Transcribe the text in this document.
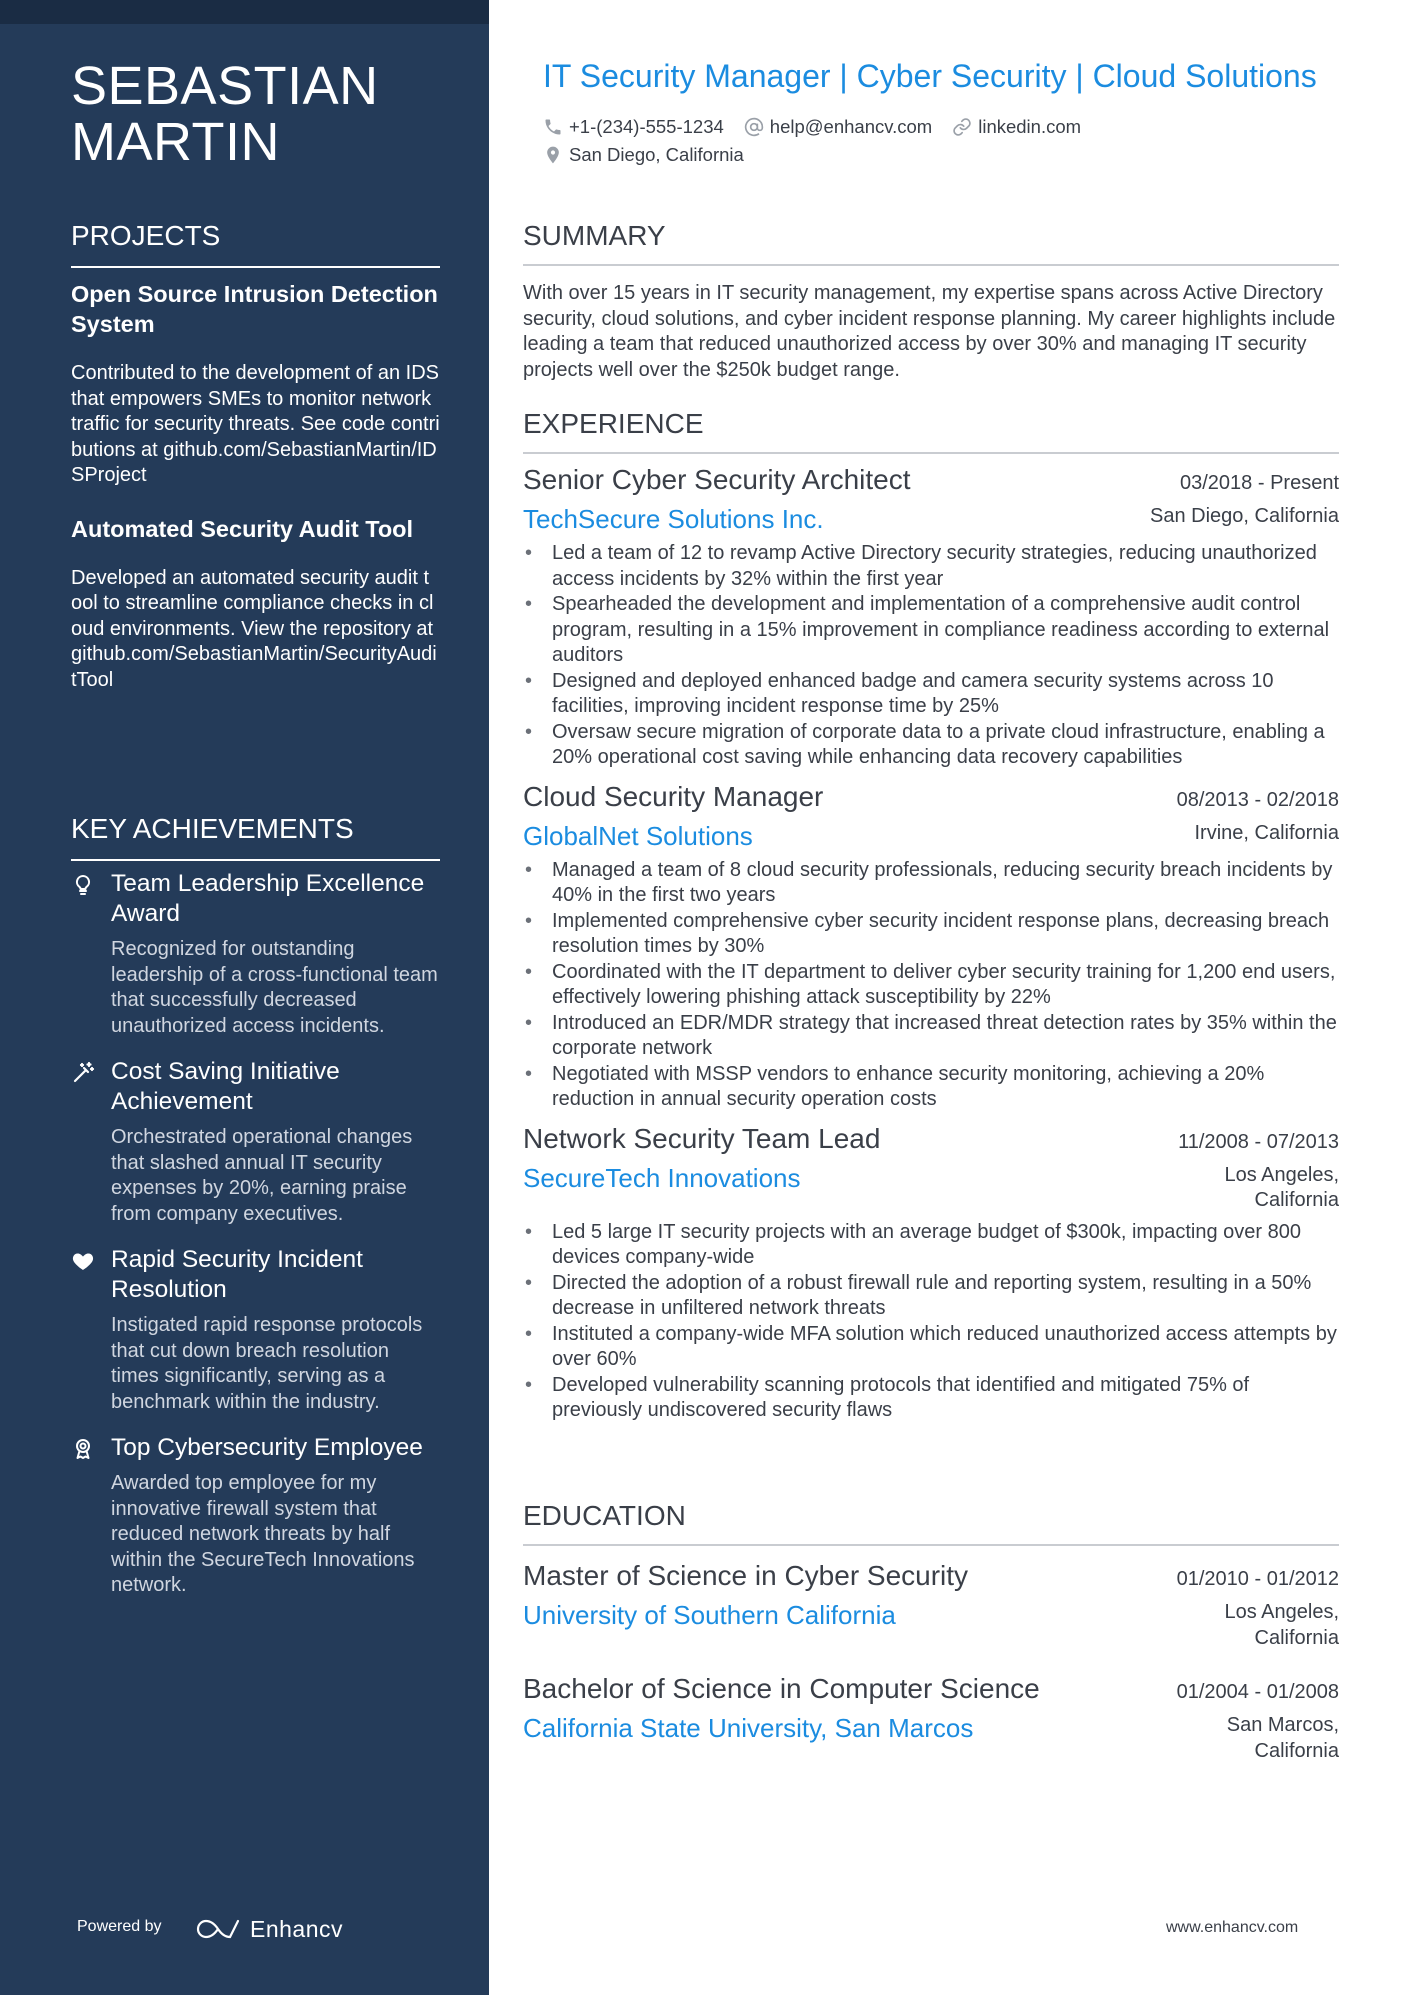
SEBASTIAN
MARTIN
PROJECTS
Open Source Intrusion Detection System
Contributed to the development of an IDS that empowers SMEs to monitor network traffic for security threats. See code contributions at github.com/SebastianMartin/IDSProject
Automated Security Audit Tool
Developed an automated security audit tool to streamline compliance checks in cloud environments. View the repository at github.com/SebastianMartin/SecurityAuditTool
KEY ACHIEVEMENTS
Team Leadership Excellence Award
Recognized for outstanding leadership of a cross-functional team that successfully decreased unauthorized access incidents.
Cost Saving Initiative Achievement
Orchestrated operational changes that slashed annual IT security expenses by 20%, earning praise from company executives.
Rapid Security Incident Resolution
Instigated rapid response protocols that cut down breach resolution times significantly, serving as a benchmark within the industry.
Top Cybersecurity Employee
Awarded top employee for my innovative firewall system that reduced network threats by half within the SecureTech Innovations network.
Powered by	Enhancv
IT Security Manager | Cyber Security | Cloud Solutions
+1-(234)-555-1234 help@enhancv.com linkedin.com
San Diego, California
SUMMARY

With over 15 years in IT security management, my expertise spans across Active Directory security, cloud solutions, and cyber incident response planning. My career highlights include leading a team that reduced unauthorized access by over 30% and managing IT security projects well over the $250k budget range.

EXPERIENCE
Senior Cyber Security Architect	03/2018 - Present
TechSecure Solutions Inc.	San Diego, California
• Led a team of 12 to revamp Active Directory security strategies, reducing unauthorized access incidents by 32% within the first year
• Spearheaded the development and implementation of a comprehensive audit control program, resulting in a 15% improvement in compliance readiness according to external auditors
• Designed and deployed enhanced badge and camera security systems across 10 facilities, improving incident response time by 25%
• Oversaw secure migration of corporate data to a private cloud infrastructure, enabling a 20% operational cost saving while enhancing data recovery capabilities
Cloud Security Manager	08/2013 - 02/2018
GlobalNet Solutions	Irvine, California
• Managed a team of 8 cloud security professionals, reducing security breach incidents by 40% in the first two years
• Implemented comprehensive cyber security incident response plans, decreasing breach resolution times by 30%
• Coordinated with the IT department to deliver cyber security training for 1,200 end users, effectively lowering phishing attack susceptibility by 22%
• Introduced an EDR/MDR strategy that increased threat detection rates by 35% within the corporate network
• Negotiated with MSSP vendors to enhance security monitoring, achieving a 20% reduction in annual security operation costs
Network Security Team Lead	11/2008 - 07/2013
SecureTech Innovations	Los Angeles, California
• Led 5 large IT security projects with an average budget of $300k, impacting over 800 devices company-wide
• Directed the adoption of a robust firewall rule and reporting system, resulting in a 50% decrease in unfiltered network threats
• Instituted a company-wide MFA solution which reduced unauthorized access attempts by over 60%
• Developed vulnerability scanning protocols that identified and mitigated 75% of previously undiscovered security flaws
EDUCATION
Master of Science in Cyber Security	01/2010 - 01/2012
University of Southern California	Los Angeles, California
Bachelor of Science in Computer Science	01/2004 - 01/2008
California State University, San Marcos	San Marcos, California
www.enhancv.com
